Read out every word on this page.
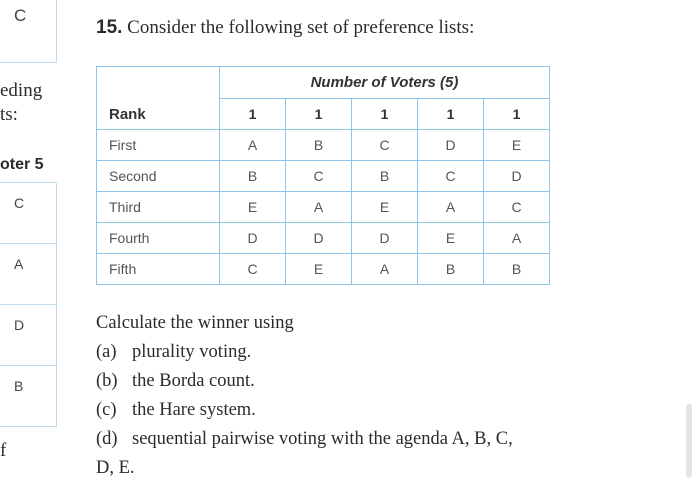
C
eding
ts:
oter 5
C
A
D
B
f
15. Consider the following set of preference lists:
Rank	Number of Voters (5)				
	1	1	1	1	1
First	A	B	C	D	E
Second	B	C	B	C	D
Third	E	A	E	A	C
Fourth	D	D	D	E	A
Fifth	C	E	A	B	B
Calculate the winner using
(a) plurality voting.
(b) the Borda count.
(c) the Hare system.
(d) sequential pairwise voting with the agenda A, B, C,
D, E.
